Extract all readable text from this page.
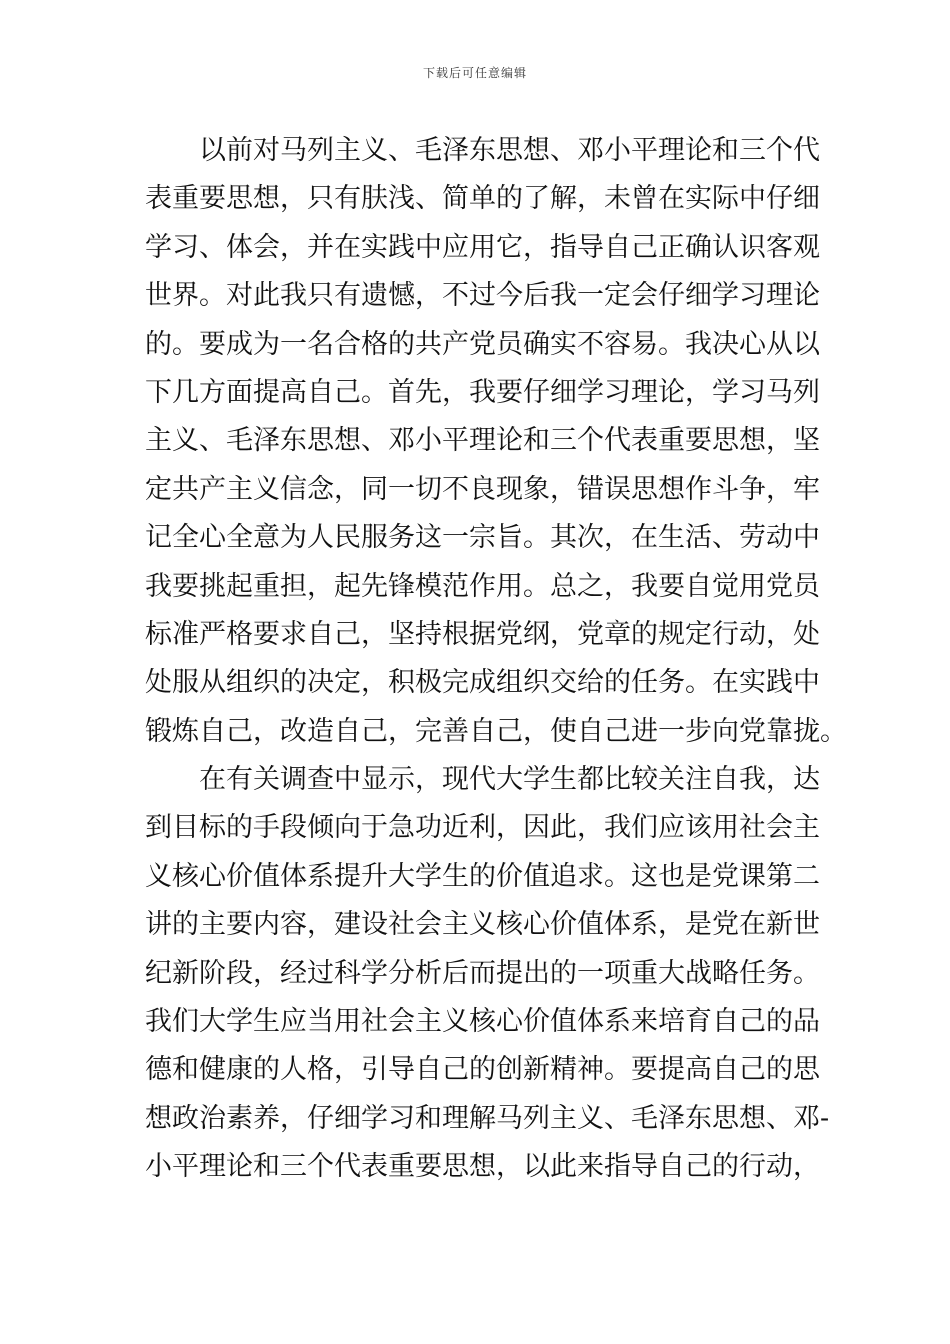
下载后可任意编辑
以前对马列主义、毛泽东思想、邓小平理论和三个代
表重要思想，只有肤浅、简单的了解，未曾在实际中仔细
学习、体会，并在实践中应用它，指导自己正确认识客观
世界。对此我只有遗憾，不过今后我一定会仔细学习理论
的。要成为一名合格的共产党员确实不容易。我决心从以
下几方面提高自己。首先，我要仔细学习理论，学习马列
主义、毛泽东思想、邓小平理论和三个代表重要思想，坚
定共产主义信念，同一切不良现象，错误思想作斗争，牢
记全心全意为人民服务这一宗旨。其次，在生活、劳动中
我要挑起重担，起先锋模范作用。总之，我要自觉用党员
标准严格要求自己，坚持根据党纲，党章的规定行动，处
处服从组织的决定，积极完成组织交给的任务。在实践中
锻炼自己，改造自己，完善自己，使自己进一步向党靠拢。
在有关调查中显示，现代大学生都比较关注自我，达
到目标的手段倾向于急功近利，因此，我们应该用社会主
义核心价值体系提升大学生的价值追求。这也是党课第二
讲的主要内容，建设社会主义核心价值体系，是党在新世
纪新阶段，经过科学分析后而提出的一项重大战略任务。
我们大学生应当用社会主义核心价值体系来培育自己的品
德和健康的人格，引导自己的创新精神。要提高自己的思
想政治素养，仔细学习和理解马列主义、毛泽东思想、邓-
小平理论和三个代表重要思想，以此来指导自己的行动，
